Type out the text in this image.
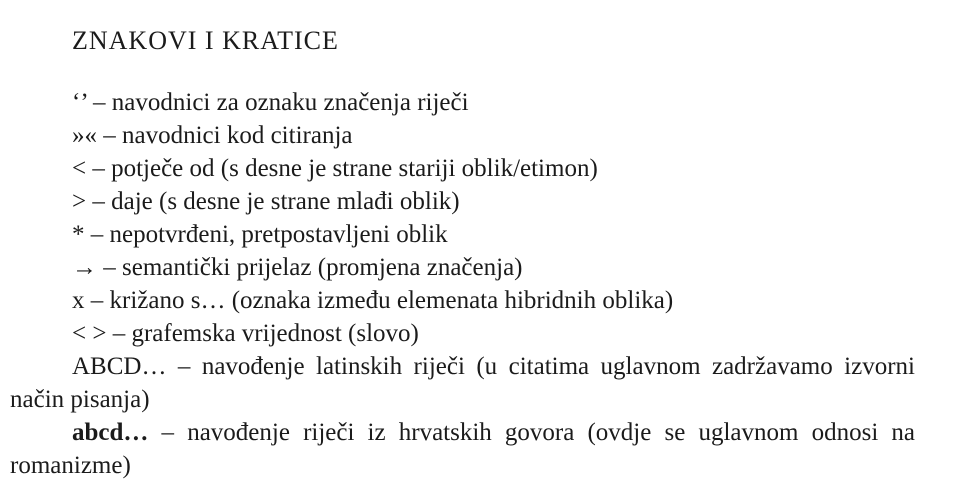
ZNAKOVI I KRATICE

‘’ – navodnici za oznaku značenja riječi

»« – navodnici kod citiranja

< – potječe od (s desne je strane stariji oblik/etimon)

> – daje (s desne je strane mlađi oblik)

* – nepotvrđeni, pretpostavljeni oblik

→ – semantički prijelaz (promjena značenja)

x – križano s… (oznaka između elemenata hibridnih oblika)

< > – grafemska vrijednost (slovo)

ABCD… – navođenje latinskih riječi (u citatima uglavnom zadržavamo izvorni

način pisanja)

abcd… – navođenje riječi iz hrvatskih govora (ovdje se uglavnom odnosi na

romanizme)
